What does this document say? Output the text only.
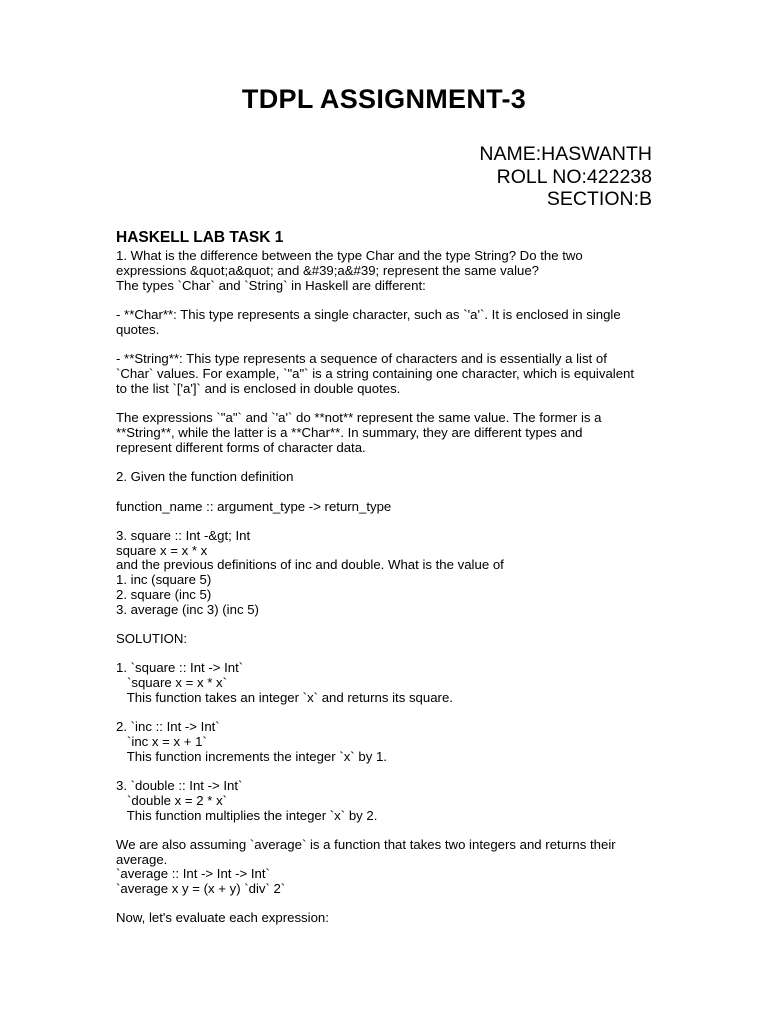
TDPL ASSIGNMENT-3
NAME:HASWANTH
ROLL NO:422238
SECTION:B
HASKELL LAB TASK 1
1. What is the difference between the type Char and the type String? Do the two
expressions &quot;a&quot; and &#39;a&#39; represent the same value?
The types `Char` and `String` in Haskell are different:
- **Char**: This type represents a single character, such as `'a'`. It is enclosed in single
quotes.
- **String**: This type represents a sequence of characters and is essentially a list of
`Char` values. For example, `"a"` is a string containing one character, which is equivalent
to the list `['a']` and is enclosed in double quotes.
The expressions `"a"` and `'a'` do **not** represent the same value. The former is a
**String**, while the latter is a **Char**. In summary, they are different types and
represent different forms of character data.
2. Given the function definition
function_name :: argument_type -> return_type
3. square :: Int -&gt; Int
square x = x * x
and the previous definitions of inc and double. What is the value of
1. inc (square 5)
2. square (inc 5)
3. average (inc 3) (inc 5)
SOLUTION:
1. `square :: Int -> Int`
`square x = x * x`
This function takes an integer `x` and returns its square.
2. `inc :: Int -> Int`
`inc x = x + 1`
This function increments the integer `x` by 1.
3. `double :: Int -> Int`
`double x = 2 * x`
This function multiplies the integer `x` by 2.
We are also assuming `average` is a function that takes two integers and returns their
average.
`average :: Int -> Int -> Int`
`average x y = (x + y) `div` 2`
Now, let's evaluate each expression:
